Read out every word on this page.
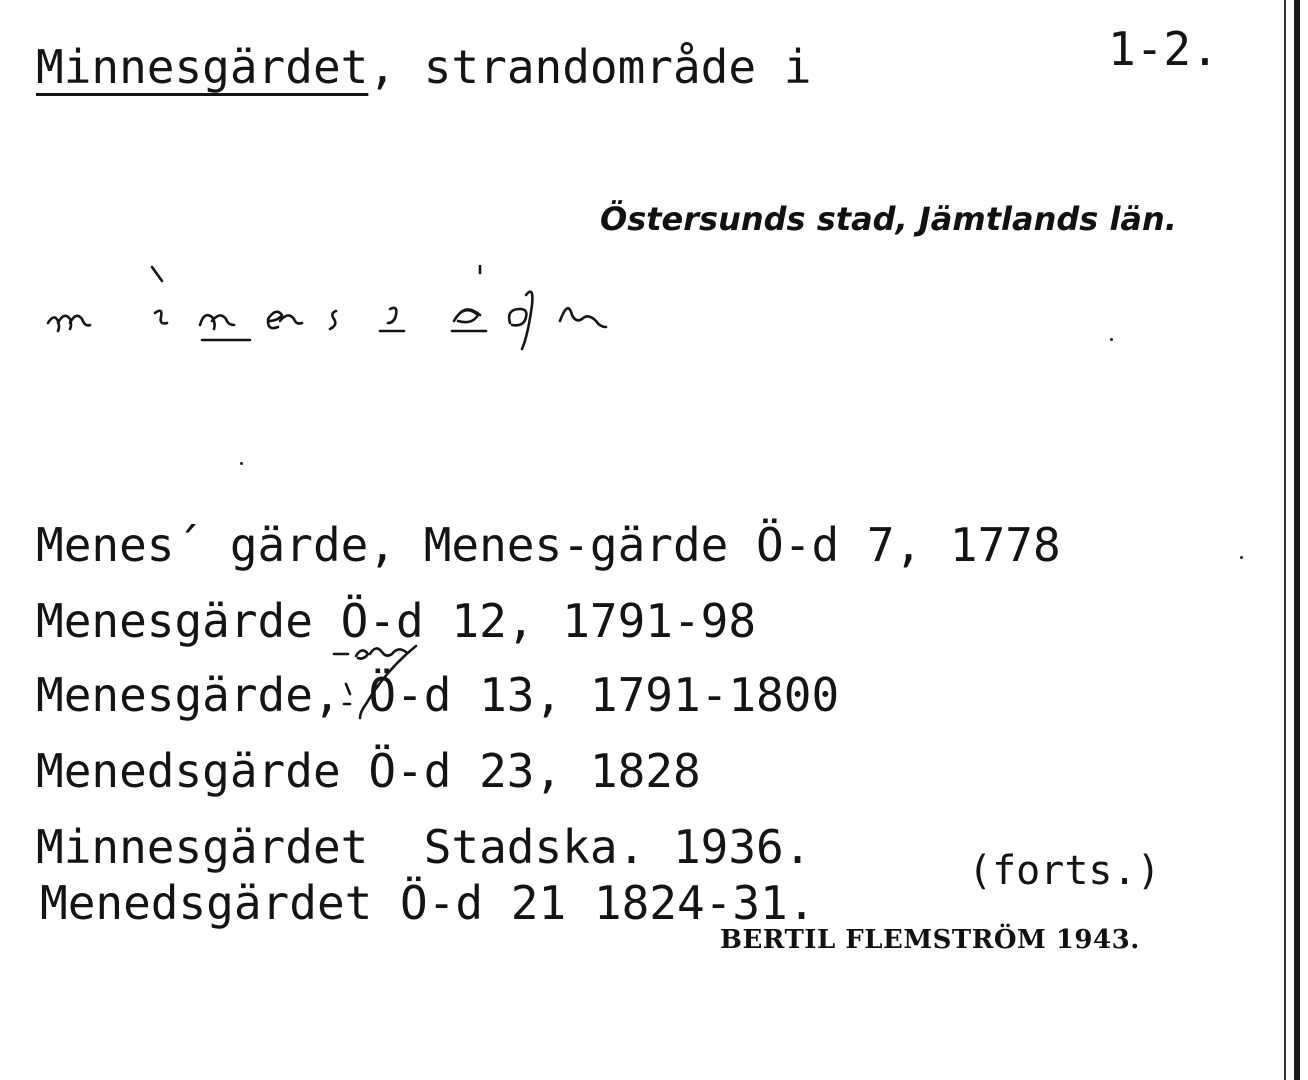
Minnesgärdet, strandområde i	1-2.
Östersunds stad, Jämtlands län.
Menes´ gärde, Menes-gärde Ö-d 7, 1778
Menesgärde Ö-d 12, 1791-98
Menesgärde, Ö-d 13, 1791-1800
Menedsgärde Ö-d 23, 1828
Minnesgärdet  Stadska. 1936.
Menedsgärdet Ö-d 21 1824-31.
(forts.)
BERTIL FLEMSTRÖM 1943.
